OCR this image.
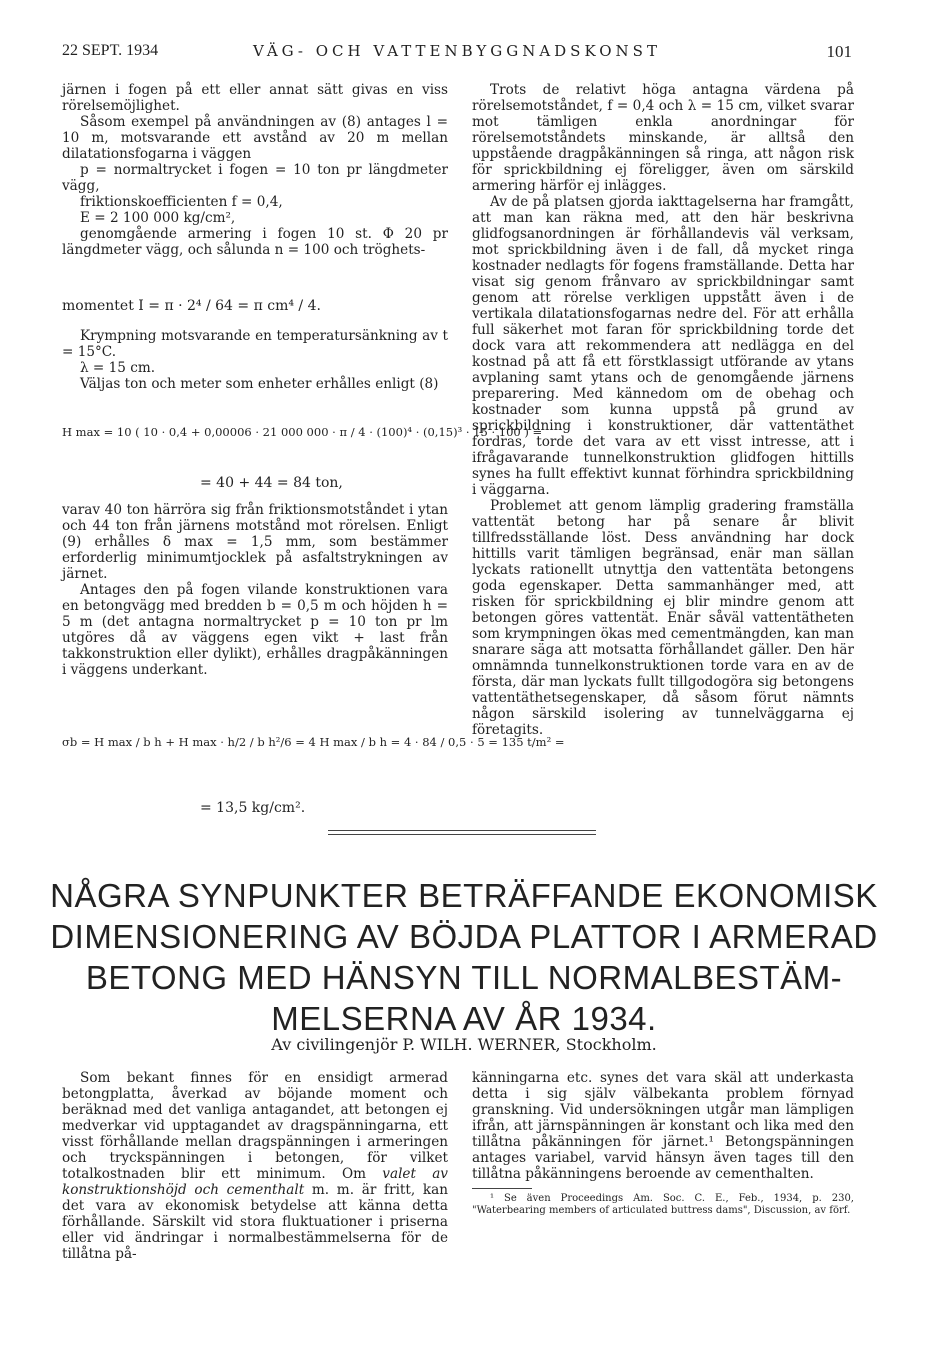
22 SEPT. 1934	VÄG- OCH VATTENBYGGNADSKONST	101

järnen i fogen på ett eller annat sätt givas en viss rörelsemöjlighet.

Såsom exempel på användningen av (8) antages l = 10 m, motsvarande ett avstånd av 20 m mellan dilatationsfogarna i väggen

p = normaltrycket i fogen = 10 ton pr längdmeter vägg,

friktionskoefficienten f = 0,4,

E = 2 100 000 kg/cm²,

genomgående armering i fogen 10 st. Φ 20 pr längdmeter vägg, och sålunda n = 100 och tröghets-

momentet I = π · 2⁴ / 64 = π cm⁴ / 4.

Krympning motsvarande en temperatursänkning av t = 15°C.

λ = 15 cm.

Väljas ton och meter som enheter erhålles enligt (8)

H max = 10 ( 10 · 0,4 + 0,00006 · 21 000 000 · π / 4 · (100)⁴ · (0,15)³ · 15 · 100 ) =
= 40 + 44 = 84 ton,

varav 40 ton härröra sig från friktionsmotståndet i ytan och 44 ton från järnens motstånd mot rörelsen. Enligt (9) erhålles δ max = 1,5 mm, som bestämmer erforderlig minimumtjocklek på asfaltstrykningen av järnet.

Antages den på fogen vilande konstruktionen vara en betongvägg med bredden b = 0,5 m och höjden h = 5 m (det antagna normaltrycket p = 10 ton pr lm utgöres då av väggens egen vikt + last från takkonstruktion eller dylikt), erhålles dragpåkänningen i väggens underkant.

σb = H max / b h + H max · h/2 / b h²/6 = 4 H max / b h = 4 · 84 / 0,5 · 5 = 135 t/m² =
= 13,5 kg/cm².

Trots de relativt höga antagna värdena på rörelsemotståndet, f = 0,4 och λ = 15 cm, vilket svarar mot tämligen enkla anordningar för rörelsemotståndets minskande, är alltså den uppstående dragpåkänningen så ringa, att någon risk för sprickbildning ej föreligger, även om särskild armering härför ej inlägges.

Av de på platsen gjorda iakttagelserna har framgått, att man kan räkna med, att den här beskrivna glidfogsanordningen är förhållandevis väl verksam, mot sprickbildning även i de fall, då mycket ringa kostnader nedlagts för fogens framställande. Detta har visat sig genom frånvaro av sprickbildningar samt genom att rörelse verkligen uppstått även i de vertikala dilatationsfogarnas nedre del. För att erhålla full säkerhet mot faran för sprickbildning torde det dock vara att rekommendera att nedlägga en del kostnad på att få ett förstklassigt utförande av ytans avplaning samt ytans och de genomgående järnens preparering. Med kännedom om de obehag och kostnader som kunna uppstå på grund av sprickbildning i konstruktioner, där vattentäthet fordras, torde det vara av ett visst intresse, att i ifrågavarande tunnelkonstruktion glidfogen hittills synes ha fullt effektivt kunnat förhindra sprickbildning i väggarna.

Problemet att genom lämplig gradering framställa vattentät betong har på senare år blivit tillfredsställande löst. Dess användning har dock hittills varit tämligen begränsad, enär man sällan lyckats rationellt utnyttja den vattentäta betongens goda egenskaper. Detta sammanhänger med, att risken för sprickbildning ej blir mindre genom att betongen göres vattentät. Enär såväl vattentätheten som krympningen ökas med cementmängden, kan man snarare säga att motsatta förhållandet gäller. Den här omnämnda tunnelkonstruktionen torde vara en av de första, där man lyckats fullt tillgodogöra sig betongens vattentäthetsegenskaper, då såsom förut nämnts någon särskild isolering av tunnelväggarna ej företagits.

NÅGRA SYNPUNKTER BETRÄFFANDE EKONOMISK DIMENSIONERING AV BÖJDA PLATTOR I ARMERAD BETONG MED HÄNSYN TILL NORMALBESTÄM-MELSERNA AV ÅR 1934.
Av civilingenjör P. WILH. WERNER, Stockholm.

Som bekant finnes för en ensidigt armerad betongplatta, åverkad av böjande moment och beräknad med det vanliga antagandet, att betongen ej medverkar vid upptagandet av dragspänningarna, ett visst förhållande mellan dragspänningen i armeringen och tryckspänningen i betongen, för vilket totalkostnaden blir ett minimum. Om valet av konstruktionshöjd och cementhalt m. m. är fritt, kan det vara av ekonomisk betydelse att känna detta förhållande. Särskilt vid stora fluktuationer i priserna eller vid ändringar i normalbestämmelserna för de tillåtna på-

känningarna etc. synes det vara skäl att underkasta detta i sig själv välbekanta problem förnyad granskning. Vid undersökningen utgår man lämpligen ifrån, att järnspänningen är konstant och lika med den tillåtna påkänningen för järnet.¹ Betongspänningen antages variabel, varvid hänsyn även tages till den tillåtna påkänningens beroende av cementhalten.

¹ Se även Proceedings Am. Soc. C. E., Feb., 1934, p. 230, "Waterbearing members of articulated buttress dams", Discussion, av förf.
